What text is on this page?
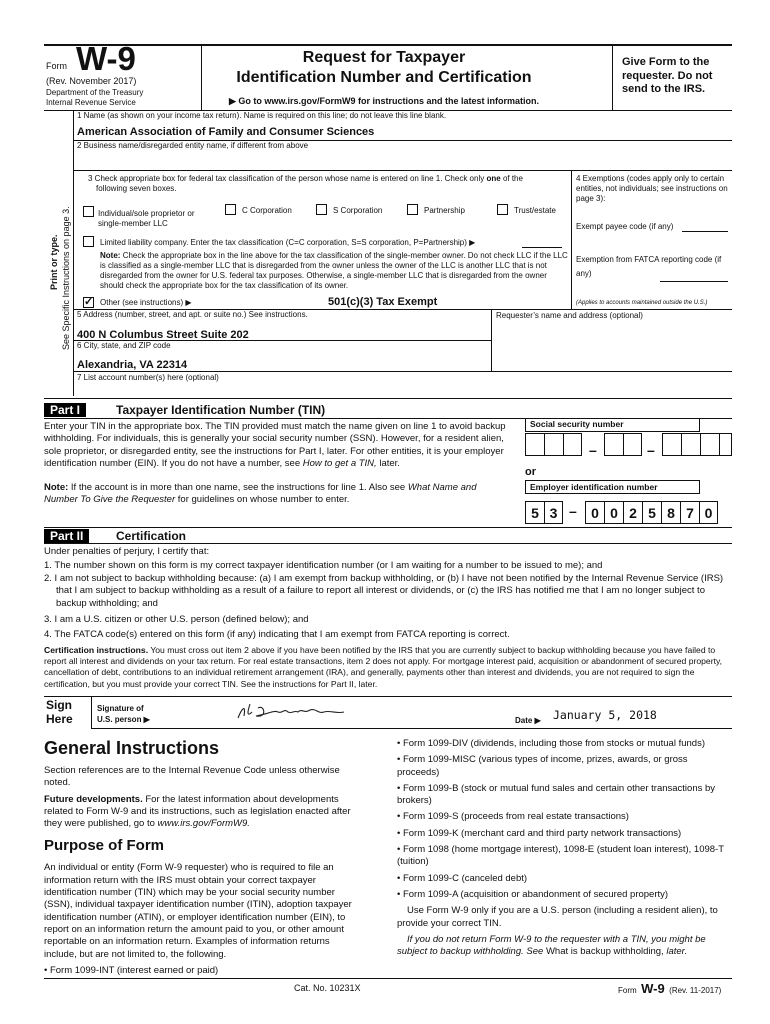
Form W-9
(Rev. November 2017)
Department of the Treasury
Internal Revenue Service
Request for Taxpayer
Identification Number and Certification
▶ Go to www.irs.gov/FormW9 for instructions and the latest information.
Give Form to the requester. Do not send to the IRS.
Print or type. See Specific Instructions on page 3.
1 Name (as shown on your income tax return). Name is required on this line; do not leave this line blank.
American Association of Family and Consumer Sciences
2 Business name/disregarded entity name, if different from above
3 Check appropriate box for federal tax classification of the person whose name is entered on line 1. Check only one of the
following seven boxes.
Individual/sole proprietor or single-member LLC
C Corporation	S Corporation	Partnership	Trust/estate
Limited liability company. Enter the tax classification (C=C corporation, S=S corporation, P=Partnership) ▶
Note: Check the appropriate box in the line above for the tax classification of the single-member owner. Do not check LLC if the LLC is classified as a single-member LLC that is disregarded from the owner unless the owner of the LLC is another LLC that is not disregarded from the owner for U.S. federal tax purposes. Otherwise, a single-member LLC that is disregarded from the owner should check the appropriate box for the tax classification of its owner.
✓ Other (see instructions) ▶	501(c)(3) Tax Exempt
4 Exemptions (codes apply only to certain entities, not individuals; see instructions on page 3):
Exempt payee code (if any)
Exemption from FATCA reporting code (if any)
(Applies to accounts maintained outside the U.S.)
5 Address (number, street, and apt. or suite no.) See instructions.
400 N Columbus Street Suite 202
Requester’s name and address (optional)
6 City, state, and ZIP code
Alexandria, VA 22314
7 List account number(s) here (optional)
Part I	Taxpayer Identification Number (TIN)
Enter your TIN in the appropriate box. The TIN provided must match the name given on line 1 to avoid backup withholding. For individuals, this is generally your social security number (SSN). However, for a resident alien, sole proprietor, or disregarded entity, see the instructions for Part I, later. For other entities, it is your employer identification number (EIN). If you do not have a number, see How to get a TIN, later.
Note: If the account is in more than one name, see the instructions for line 1. Also see What Name and Number To Give the Requester for guidelines on whose number to enter.
Social security number
–	–
or
Employer identification number
5 3 –	0 0 2 5 8 7 0
Part II	Certification
Under penalties of perjury, I certify that:
1. The number shown on this form is my correct taxpayer identification number (or I am waiting for a number to be issued to me); and
2. I am not subject to backup withholding because: (a) I am exempt from backup withholding, or (b) I have not been notified by the Internal Revenue Service (IRS) that I am subject to backup withholding as a result of a failure to report all interest or dividends, or (c) the IRS has notified me that I am no longer subject to backup withholding; and
3. I am a U.S. citizen or other U.S. person (defined below); and
4. The FATCA code(s) entered on this form (if any) indicating that I am exempt from FATCA reporting is correct.
Certification instructions. You must cross out item 2 above if you have been notified by the IRS that you are currently subject to backup withholding because you have failed to report all interest and dividends on your tax return. For real estate transactions, item 2 does not apply. For mortgage interest paid, acquisition or abandonment of secured property, cancellation of debt, contributions to an individual retirement arrangement (IRA), and generally, payments other than interest and dividends, you are not required to sign the certification, but you must provide your correct TIN. See the instructions for Part II, later.
Sign
Here
Signature of
U.S. person ▶	Date ▶ January 5, 2018
General Instructions
Section references are to the Internal Revenue Code unless otherwise noted.
Future developments. For the latest information about developments related to Form W-9 and its instructions, such as legislation enacted after they were published, go to www.irs.gov/FormW9.
Purpose of Form
An individual or entity (Form W-9 requester) who is required to file an information return with the IRS must obtain your correct taxpayer identification number (TIN) which may be your social security number (SSN), individual taxpayer identification number (ITIN), adoption taxpayer identification number (ATIN), or employer identification number (EIN), to report on an information return the amount paid to you, or other amount reportable on an information return. Examples of information returns include, but are not limited to, the following.
• Form 1099-INT (interest earned or paid)
• Form 1099-DIV (dividends, including those from stocks or mutual funds)
• Form 1099-MISC (various types of income, prizes, awards, or gross proceeds)
• Form 1099-B (stock or mutual fund sales and certain other transactions by brokers)
• Form 1099-S (proceeds from real estate transactions)
• Form 1099-K (merchant card and third party network transactions)
• Form 1098 (home mortgage interest), 1098-E (student loan interest), 1098-T (tuition)
• Form 1099-C (canceled debt)
• Form 1099-A (acquisition or abandonment of secured property)
Use Form W-9 only if you are a U.S. person (including a resident alien), to provide your correct TIN.
If you do not return Form W-9 to the requester with a TIN, you might be subject to backup withholding. See What is backup withholding, later.
Cat. No. 10231X	Form W-9 (Rev. 11-2017)
